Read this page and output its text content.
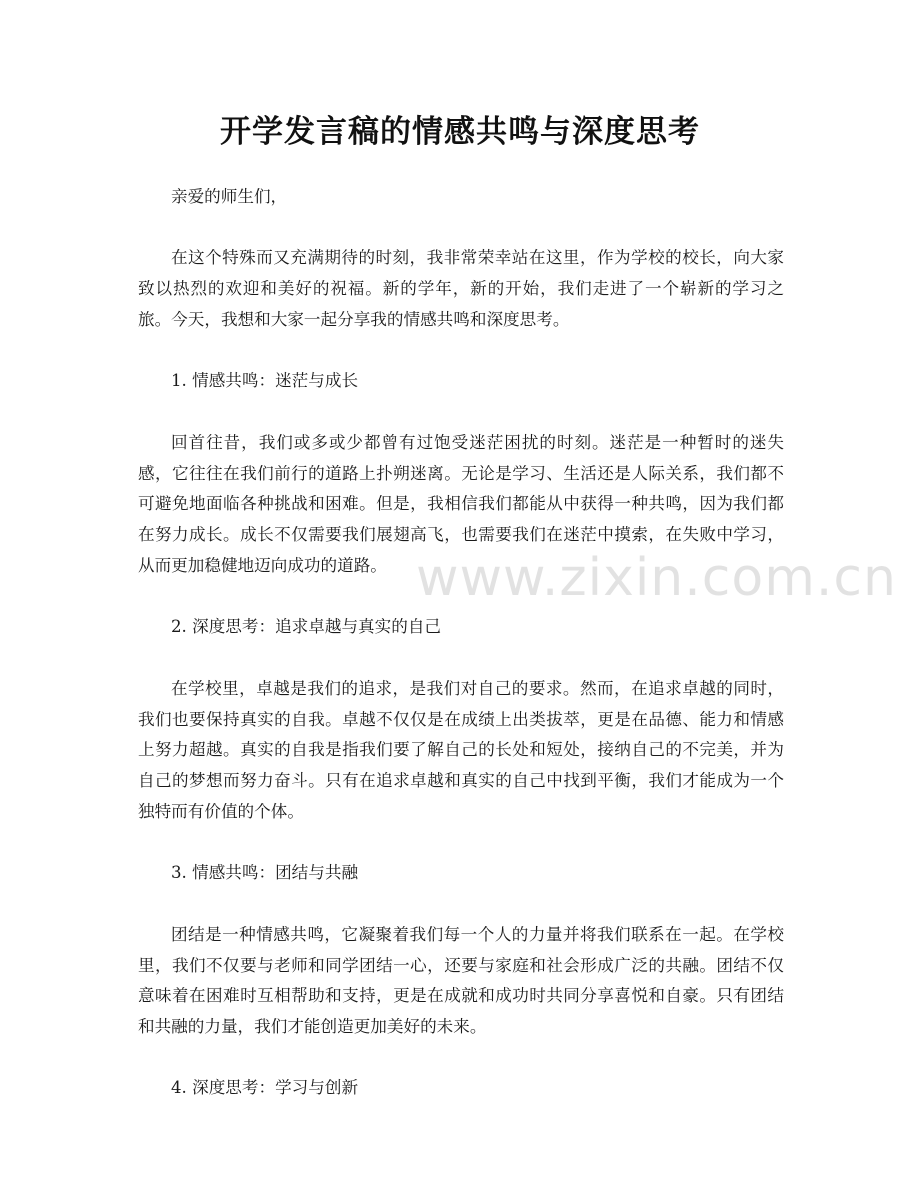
开学发言稿的情感共鸣与深度思考

亲爱的师生们，

在这个特殊而又充满期待的时刻，我非常荣幸站在这里，作为学校的校长，向大家致以热烈的欢迎和美好的祝福。新的学年，新的开始，我们走进了一个崭新的学习之旅。今天，我想和大家一起分享我的情感共鸣和深度思考。

1. 情感共鸣：迷茫与成长

回首往昔，我们或多或少都曾有过饱受迷茫困扰的时刻。迷茫是一种暂时的迷失感，它往往在我们前行的道路上扑朔迷离。无论是学习、生活还是人际关系，我们都不可避免地面临各种挑战和困难。但是，我相信我们都能从中获得一种共鸣，因为我们都在努力成长。成长不仅需要我们展翅高飞，也需要我们在迷茫中摸索，在失败中学习，从而更加稳健地迈向成功的道路。

2. 深度思考：追求卓越与真实的自己

在学校里，卓越是我们的追求，是我们对自己的要求。然而，在追求卓越的同时，我们也要保持真实的自我。卓越不仅仅是在成绩上出类拔萃，更是在品德、能力和情感上努力超越。真实的自我是指我们要了解自己的长处和短处，接纳自己的不完美，并为自己的梦想而努力奋斗。只有在追求卓越和真实的自己中找到平衡，我们才能成为一个独特而有价值的个体。

3. 情感共鸣：团结与共融

团结是一种情感共鸣，它凝聚着我们每一个人的力量并将我们联系在一起。在学校里，我们不仅要与老师和同学团结一心，还要与家庭和社会形成广泛的共融。团结不仅意味着在困难时互相帮助和支持，更是在成就和成功时共同分享喜悦和自豪。只有团结和共融的力量，我们才能创造更加美好的未来。

4. 深度思考：学习与创新

www.zixin.com.cn
